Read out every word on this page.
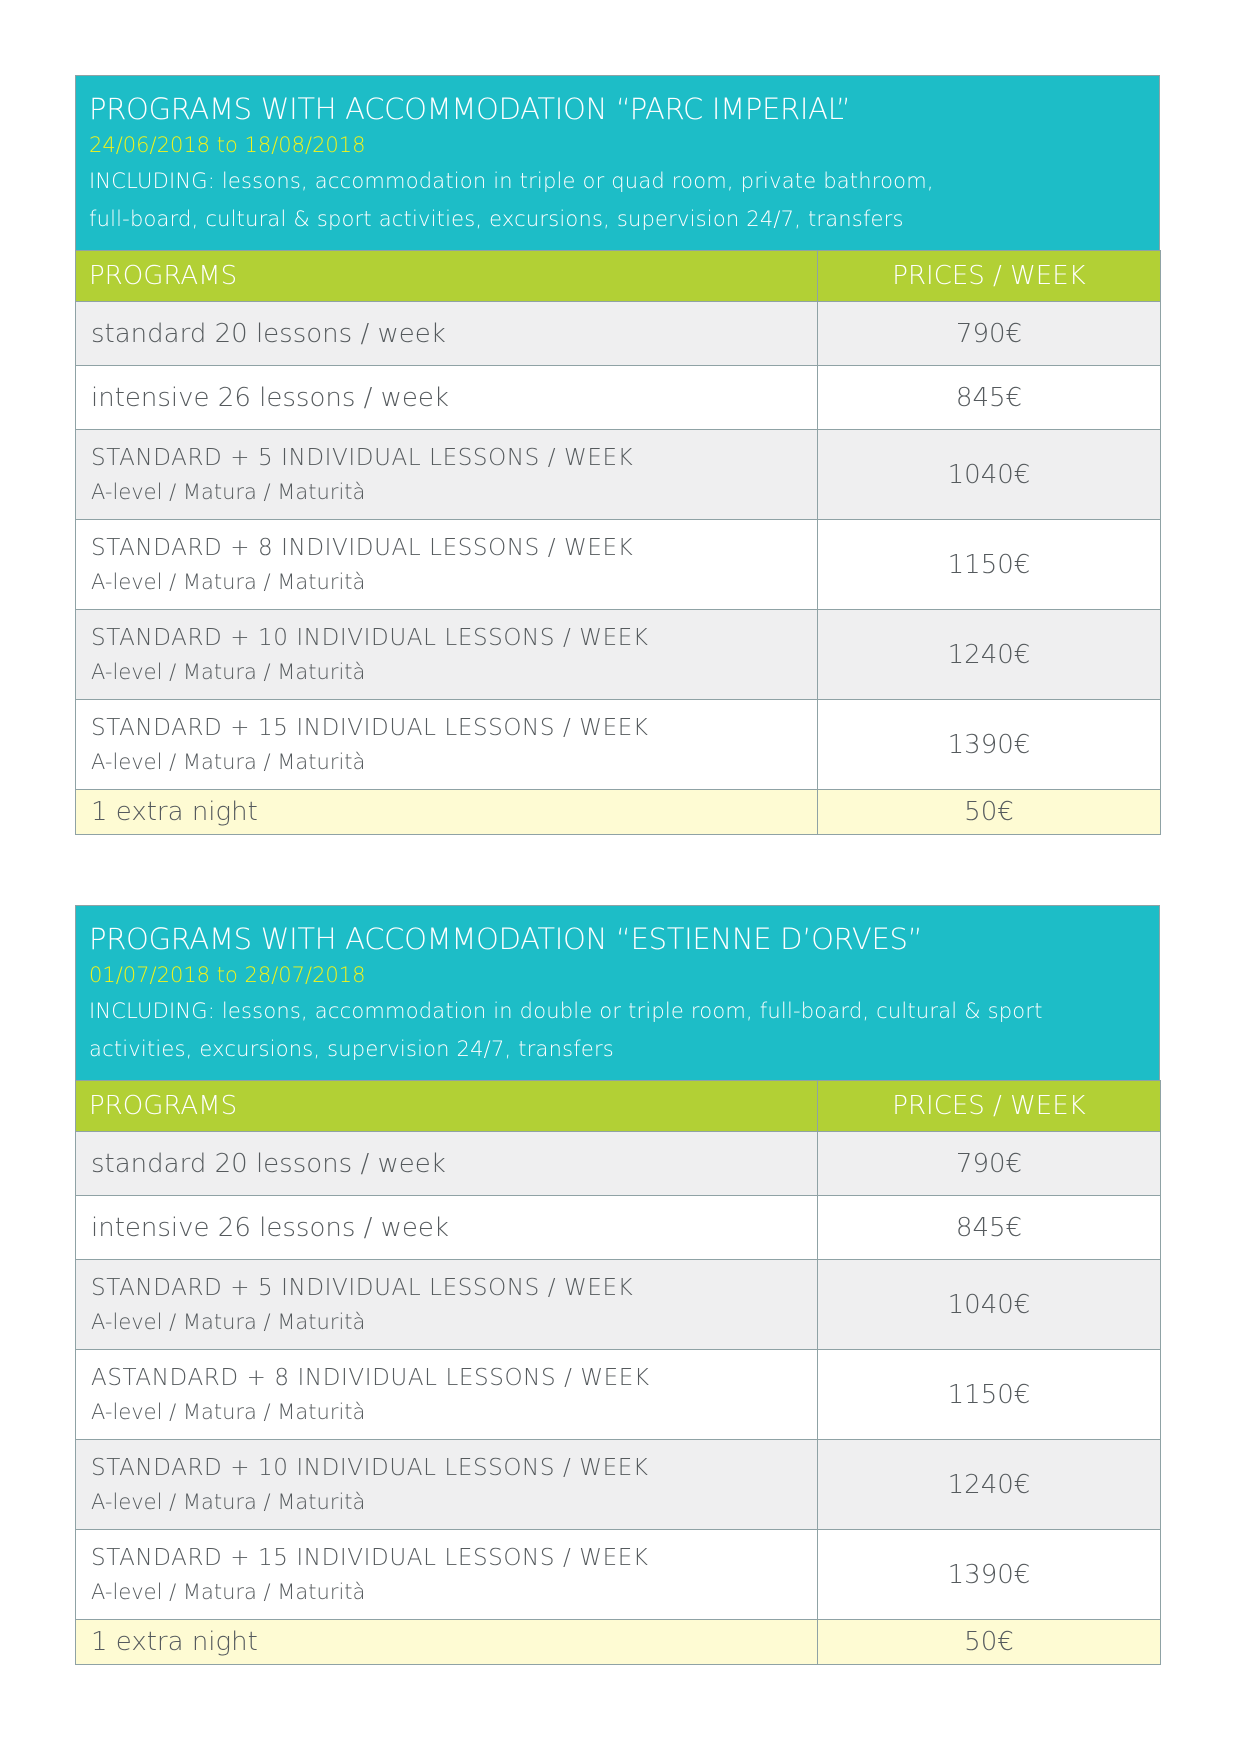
PROGRAMS WITH ACCOMMODATION “PARC IMPERIAL”
24/06/2018 to 18/08/2018
INCLUDING: lessons, accommodation in triple or quad room, private bathroom,
full-board, cultural & sport activities, excursions, supervision 24/7, transfers
PROGRAMS	PRICES / WEEK
standard 20 lessons / week	790€
intensive 26 lessons / week	845€

STANDARD + 5 INDIVIDUAL LESSONS / WEEK
A-level / Matura / Maturità	1040€

STANDARD + 8 INDIVIDUAL LESSONS / WEEK
A-level / Matura / Maturità	1150€

STANDARD + 10 INDIVIDUAL LESSONS / WEEK
A-level / Matura / Maturità	1240€

STANDARD + 15 INDIVIDUAL LESSONS / WEEK
A-level / Matura / Maturità	1390€
1 extra night	50€
PROGRAMS WITH ACCOMMODATION “ESTIENNE D’ORVES”
01/07/2018 to 28/07/2018
INCLUDING: lessons, accommodation in double or triple room, full-board, cultural & sport
activities, excursions, supervision 24/7, transfers
PROGRAMS	PRICES / WEEK
standard 20 lessons / week	790€
intensive 26 lessons / week	845€

STANDARD + 5 INDIVIDUAL LESSONS / WEEK
A-level / Matura / Maturità	1040€

ASTANDARD + 8 INDIVIDUAL LESSONS / WEEK
A-level / Matura / Maturità	1150€

STANDARD + 10 INDIVIDUAL LESSONS / WEEK
A-level / Matura / Maturità	1240€

STANDARD + 15 INDIVIDUAL LESSONS / WEEK
A-level / Matura / Maturità	1390€
1 extra night	50€
